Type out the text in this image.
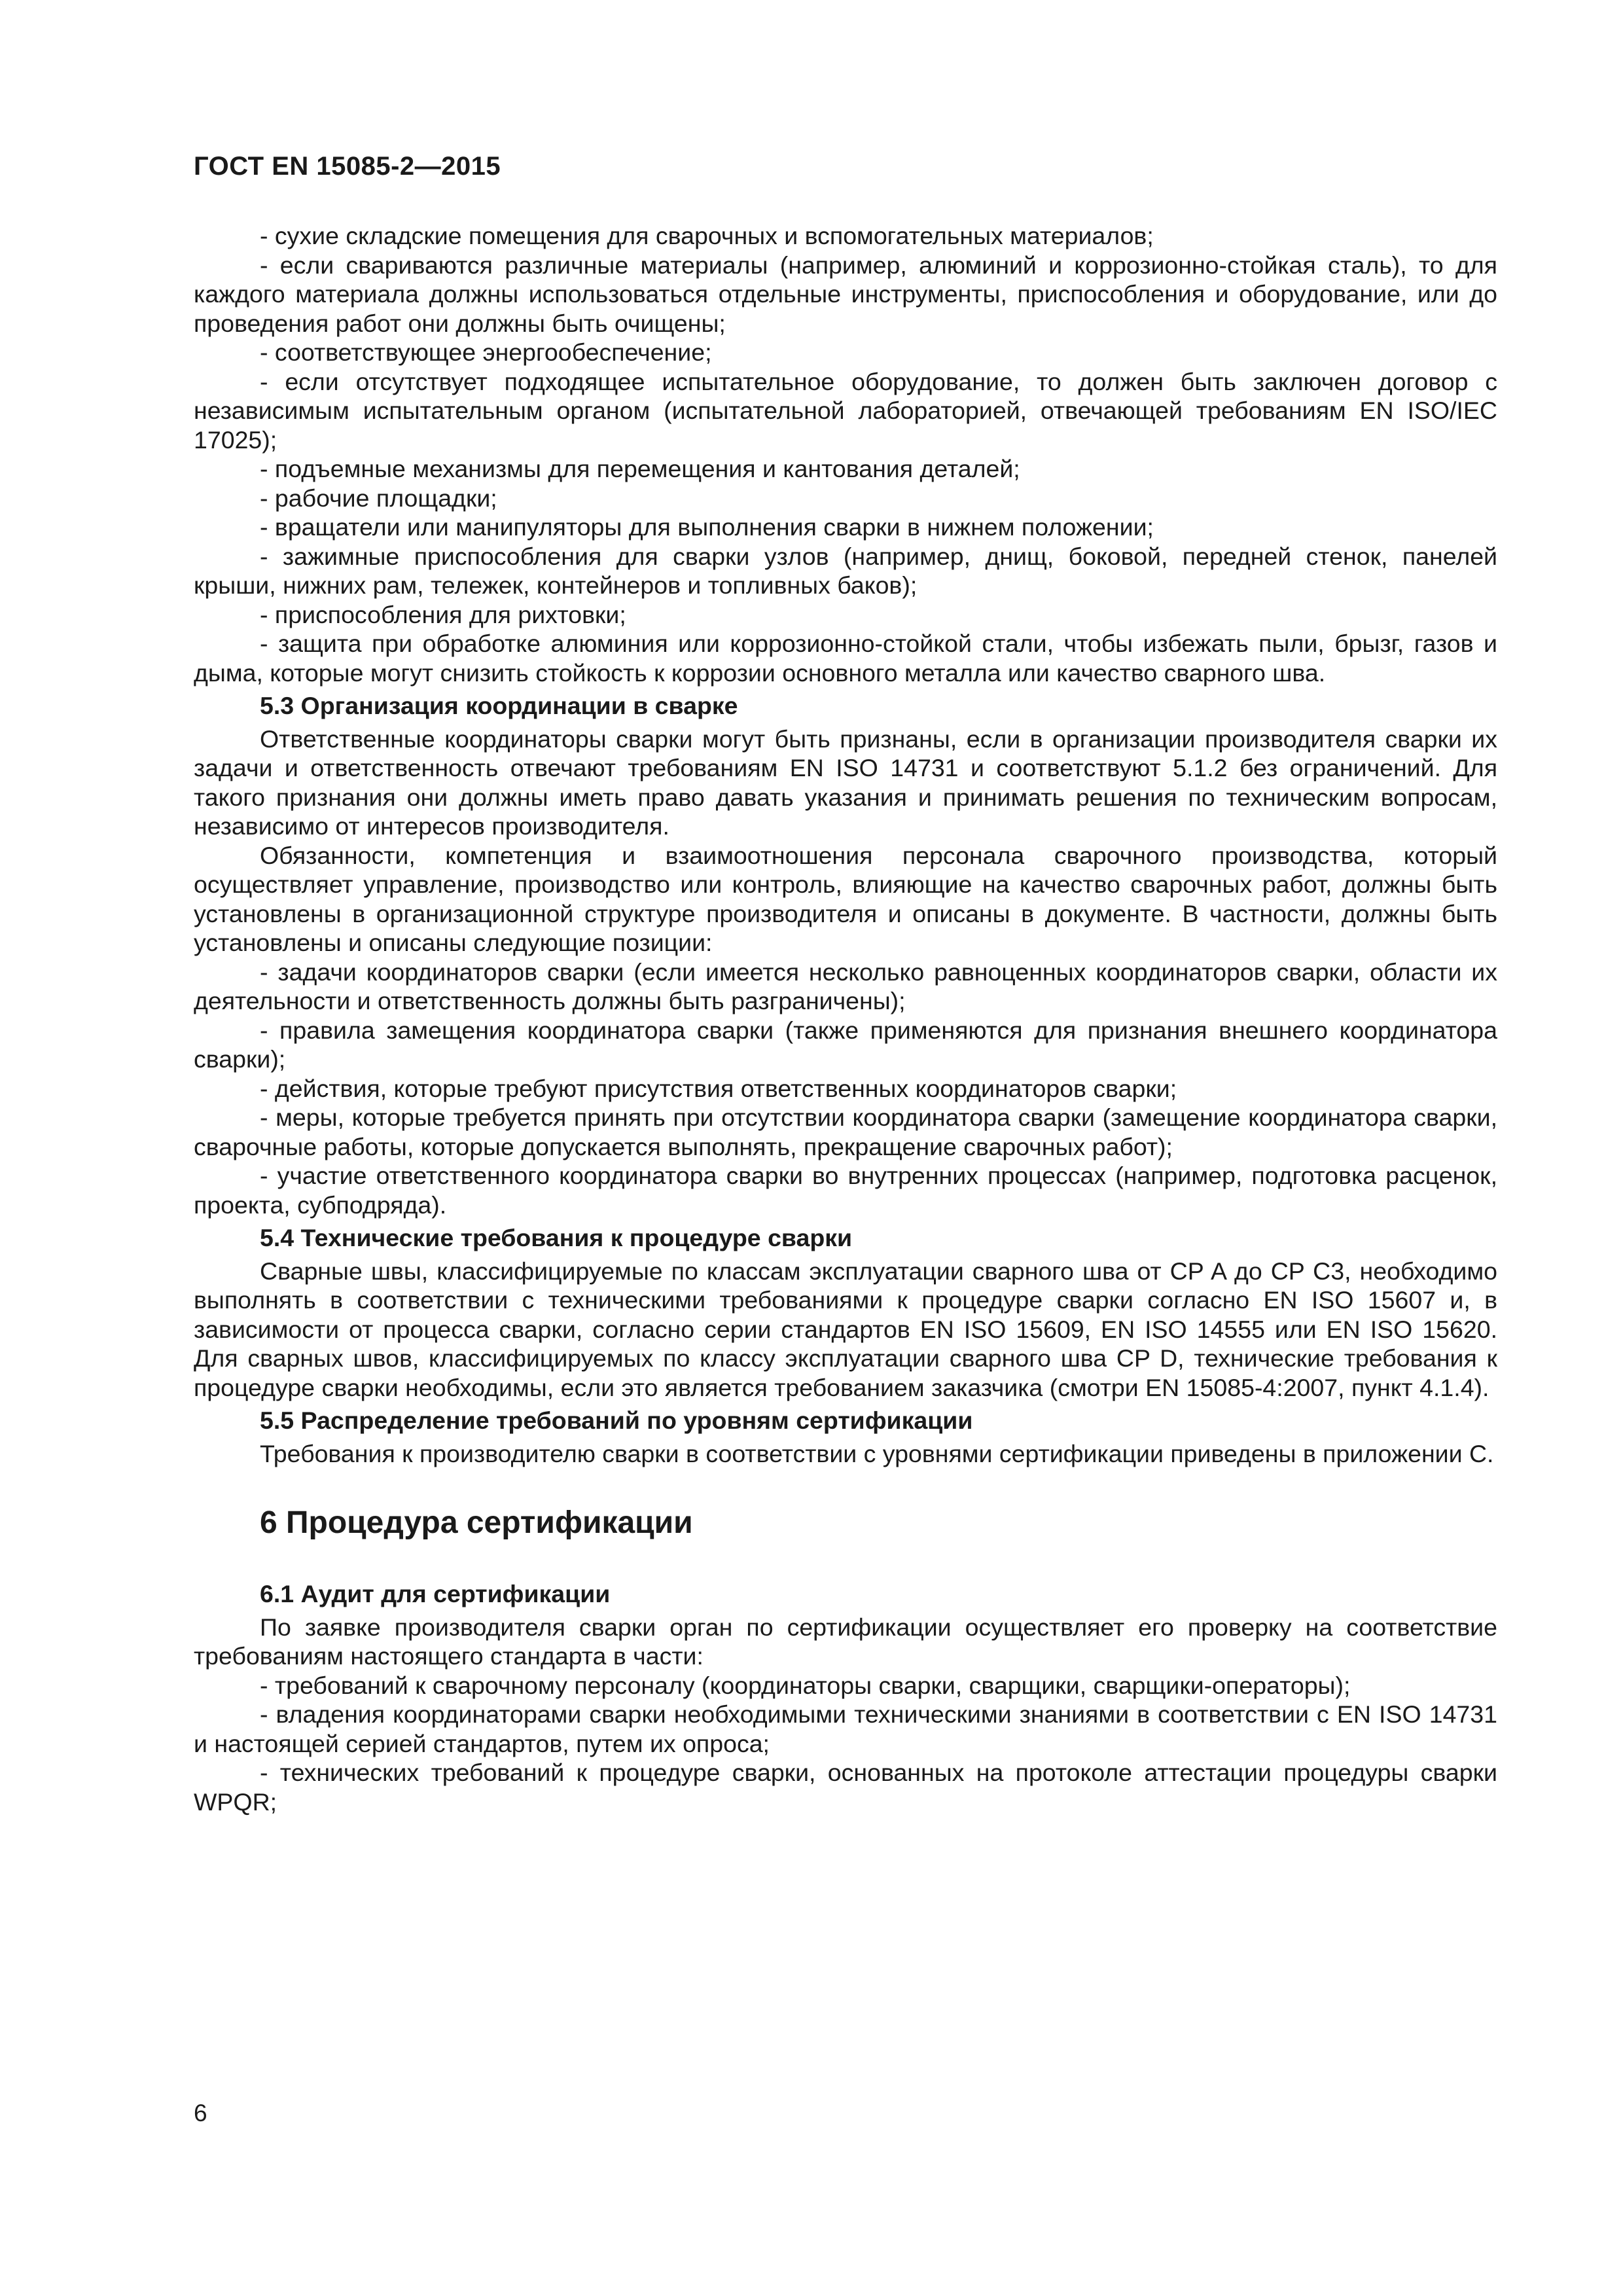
ГОСТ EN 15085-2—2015

- сухие складские помещения для сварочных и вспомогательных материалов;

- если свариваются различные материалы (например, алюминий и коррозионно-стойкая сталь), то для каждого материала должны использоваться отдельные инструменты, приспособления и оборудование, или до проведения работ они должны быть очищены;

- соответствующее энергообеспечение;

- если отсутствует подходящее испытательное оборудование, то должен быть заключен договор с независимым испытательным органом (испытательной лабораторией, отвечающей требованиям EN ISO/IEC 17025);

- подъемные механизмы для перемещения и кантования деталей;

- рабочие площадки;

- вращатели или манипуляторы для выполнения сварки в нижнем положении;

- зажимные приспособления для сварки узлов (например, днищ, боковой, передней стенок, панелей крыши, нижних рам, тележек, контейнеров и топливных баков);

- приспособления для рихтовки;

- защита при обработке алюминия или коррозионно-стойкой стали, чтобы избежать пыли, брызг, газов и дыма, которые могут снизить стойкость к коррозии основного металла или качество сварного шва.

5.3 Организация координации в сварке

Ответственные координаторы сварки могут быть признаны, если в организации производителя сварки их задачи и ответственность отвечают требованиям EN ISO 14731 и соответствуют 5.1.2 без ограничений. Для такого признания они должны иметь право давать указания и принимать решения по техническим вопросам, независимо от интересов производителя.

Обязанности, компетенция и взаимоотношения персонала сварочного производства, который осуществляет управление, производство или контроль, влияющие на качество сварочных работ, должны быть установлены в организационной структуре производителя и описаны в документе. В частности, должны быть установлены и описаны следующие позиции:

- задачи координаторов сварки (если имеется несколько равноценных координаторов сварки, области их деятельности и ответственность должны быть разграничены);

- правила замещения координатора сварки (также применяются для признания внешнего координатора сварки);

- действия, которые требуют присутствия ответственных координаторов сварки;

- меры, которые требуется принять при отсутствии координатора сварки (замещение координатора сварки, сварочные работы, которые допускается выполнять, прекращение сварочных работ);

- участие ответственного координатора сварки во внутренних процессах (например, подготовка расценок, проекта, субподряда).

5.4 Технические требования к процедуре сварки

Сварные швы, классифицируемые по классам эксплуатации сварного шва от CP A до CP C3, необходимо выполнять в соответствии с техническими требованиями к процедуре сварки согласно EN ISO 15607 и, в зависимости от процесса сварки, согласно серии стандартов EN ISO 15609, EN ISO 14555 или EN ISO 15620. Для сварных швов, классифицируемых по классу эксплуатации сварного шва CP D, технические требования к процедуре сварки необходимы, если это является требованием заказчика (смотри EN 15085-4:2007, пункт 4.1.4).

5.5 Распределение требований по уровням сертификации

Требования к производителю сварки в соответствии с уровнями сертификации приведены в приложении С.

6 Процедура сертификации
6.1 Аудит для сертификации

По заявке производителя сварки орган по сертификации осуществляет его проверку на соответствие требованиям настоящего стандарта в части:

- требований к сварочному персоналу (координаторы сварки, сварщики, сварщики-операторы);

- владения координаторами сварки необходимыми техническими знаниями в соответствии с EN ISO 14731 и настоящей серией стандартов, путем их опроса;

- технических требований к процедуре сварки, основанных на протоколе аттестации процедуры сварки WPQR;

6
